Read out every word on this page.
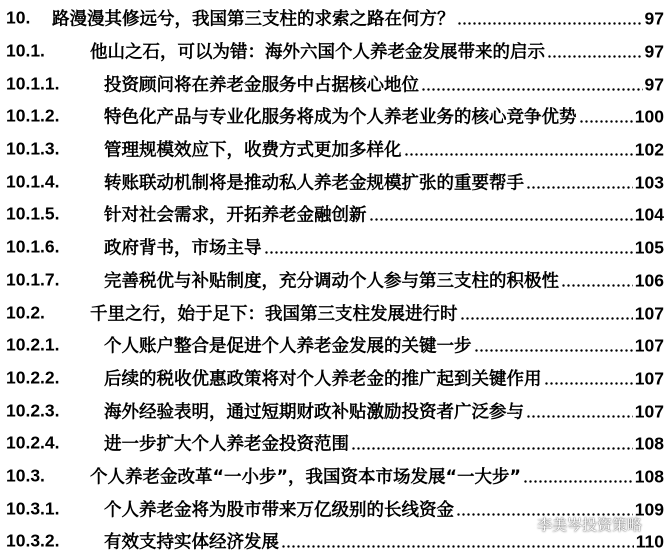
10. 路漫漫其修远兮，我国第三支柱的求索之路在何方？	97
10.1.	他山之石，可以为错：海外六国个人养老金发展带来的启示	97
10.1.1.	投资顾问将在养老金服务中占据核心地位	97
10.1.2.	特色化产品与专业化服务将成为个人养老业务的核心竞争优势	100
10.1.3.	管理规模效应下，收费方式更加多样化	102
10.1.4.	转账联动机制将是推动私人养老金规模扩张的重要帮手	103
10.1.5.	针对社会需求，开拓养老金融创新	104
10.1.6.	政府背书，市场主导	105
10.1.7.	完善税优与补贴制度，充分调动个人参与第三支柱的积极性	106
10.2.	千里之行，始于足下：我国第三支柱发展进行时	107
10.2.1.	个人账户整合是促进个人养老金发展的关键一步	107
10.2.2.	后续的税收优惠政策将对个人养老金的推广起到关键作用	107
10.2.3.	海外经验表明，通过短期财政补贴激励投资者广泛参与	107
10.2.4.	进一步扩大个人养老金投资范围	108
10.3.	个人养老金改革“一小步”，我国资本市场发展“一大步”	108
10.3.1.	个人养老金将为股市带来万亿级别的长线资金	109
10.3.2.	有效支持实体经济发展	110
李美岑投资策略
